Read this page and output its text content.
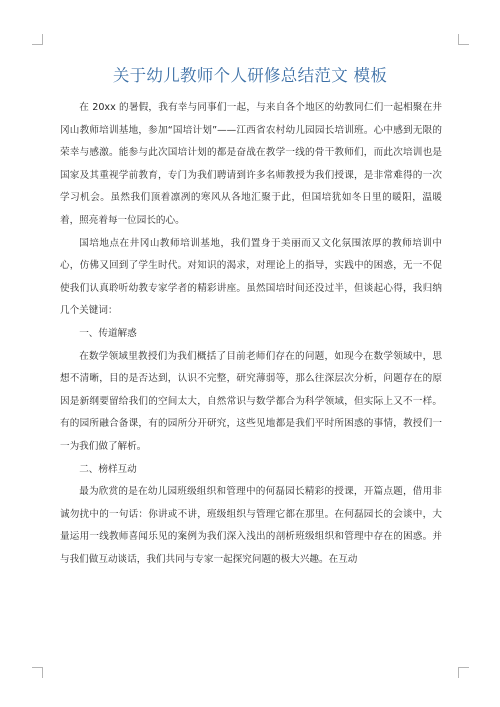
关于幼儿教师个人研修总结范文 模板

在 20xx 的暑假，我有幸与同事们一起，与来自各个地区的幼教同仁们一起相聚在井冈山教师培训基地，参加“国培计划”——江西省农村幼儿园园长培训班。心中感到无限的荣幸与感激。能参与此次国培计划的都是奋战在教学一线的骨干教师们，而此次培训也是国家及其重视学前教育，专门为我们聘请到许多名师教授为我们授课，是非常难得的一次学习机会。虽然我们顶着凛冽的寒风从各地汇聚于此，但国培犹如冬日里的暖阳，温暖着，照亮着每一位园长的心。

国培地点在井冈山教师培训基地，我们置身于美丽而又文化氛围浓厚的教师培训中心，仿佛又回到了学生时代。对知识的渴求，对理论上的指导，实践中的困惑，无一不促使我们认真聆听幼教专家学者的精彩讲座。虽然国培时间还没过半，但谈起心得，我归纳几个关键词：

一、传道解惑

在数学领域里教授们为我们概括了目前老师们存在的问题，如现今在数学领域中，思想不清晰，目的是否达到，认识不完整，研究薄弱等，那么往深层次分析，问题存在的原因是新纲要留给我们的空间太大，自然常识与数学都合为科学领域，但实际上又不一样。有的园所融合备课，有的园所分开研究，这些见地都是我们平时所困惑的事情，教授们一一为我们做了解析。

二、榜样互动

最为欣赏的是在幼儿园班级组织和管理中的何磊园长精彩的授课，开篇点题，借用非诚勿扰中的一句话：你讲或不讲，班级组织与管理它都在那里。在何磊园长的会谈中，大量运用一线教师喜闻乐见的案例为我们深入浅出的剖析班级组织和管理中存在的困惑。并与我们做互动谈话，我们共同与专家一起探究问题的极大兴趣。在互动
